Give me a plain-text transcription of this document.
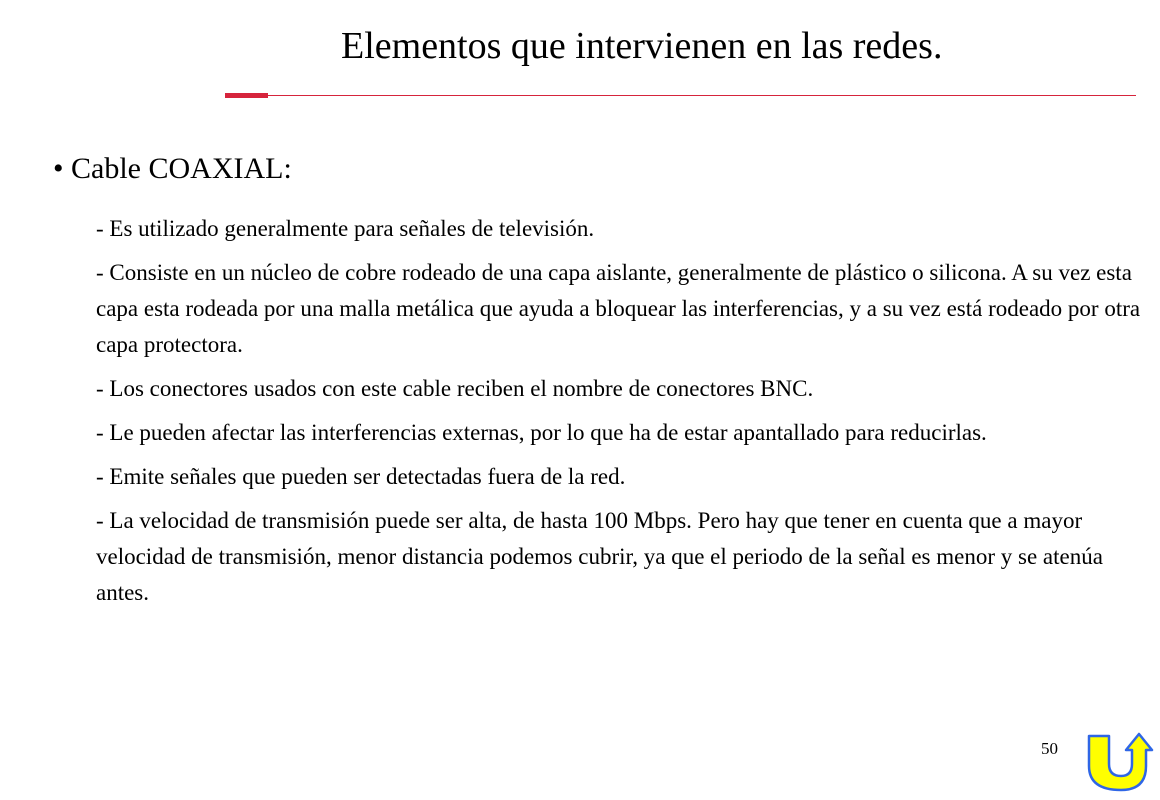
Elementos que intervienen en las redes.
• Cable COAXIAL:

- Es utilizado generalmente para señales de televisión.

- Consiste en un núcleo de cobre rodeado de una capa aislante, generalmente de plástico o silicona. A su vez esta capa esta rodeada por una malla metálica que ayuda a bloquear las interferencias, y a su vez está rodeado por otra capa protectora.

- Los conectores usados con este cable reciben el nombre de conectores BNC.

- Le pueden afectar las interferencias externas, por lo que ha de estar apantallado para reducirlas.

- Emite señales que pueden ser detectadas fuera de la red.

- La velocidad de transmisión puede ser alta, de hasta 100 Mbps. Pero hay que tener en cuenta que a mayor velocidad de transmisión, menor distancia podemos cubrir, ya que el periodo de la señal es menor y se atenúa antes.

50
